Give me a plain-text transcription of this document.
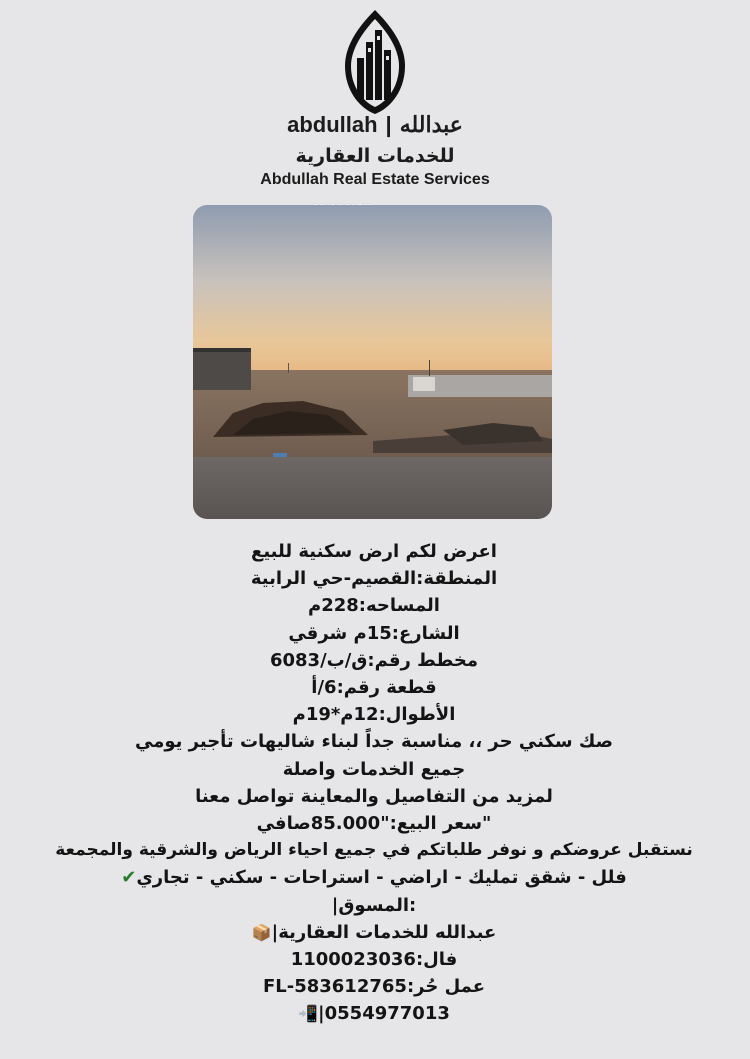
abdullah | عبدالله
للخدمات العقارية
Abdullah Real Estate Services
اعرض لكم ارض سكنية للبيع
المنطقة:القصيم-حي الرابية
المساحه:228م
الشارع:15م شرقي
مخطط رقم:ق/ب/6083
قطعة رقم:6/أ
الأطوال:12م*19م
صك سكني حر ،، مناسبة جداً لبناء شاليهات تأجير يومي
جميع الخدمات واصلة
لمزيد من التفاصيل والمعاينة تواصل معنا
"سعر البيع:"85.000صافي
نستقبل عروضكم و نوفر طلباتكم في جميع احياء الرياض والشرقية والمجمعة
فلل - شقق تمليك - اراضي - استراحات - سكني - تجاري✔
:المسوق|
عبدالله للخدمات العقارية|📦
فال:1100023036
عمل حُر:FL-583612765
0554977013|📲
